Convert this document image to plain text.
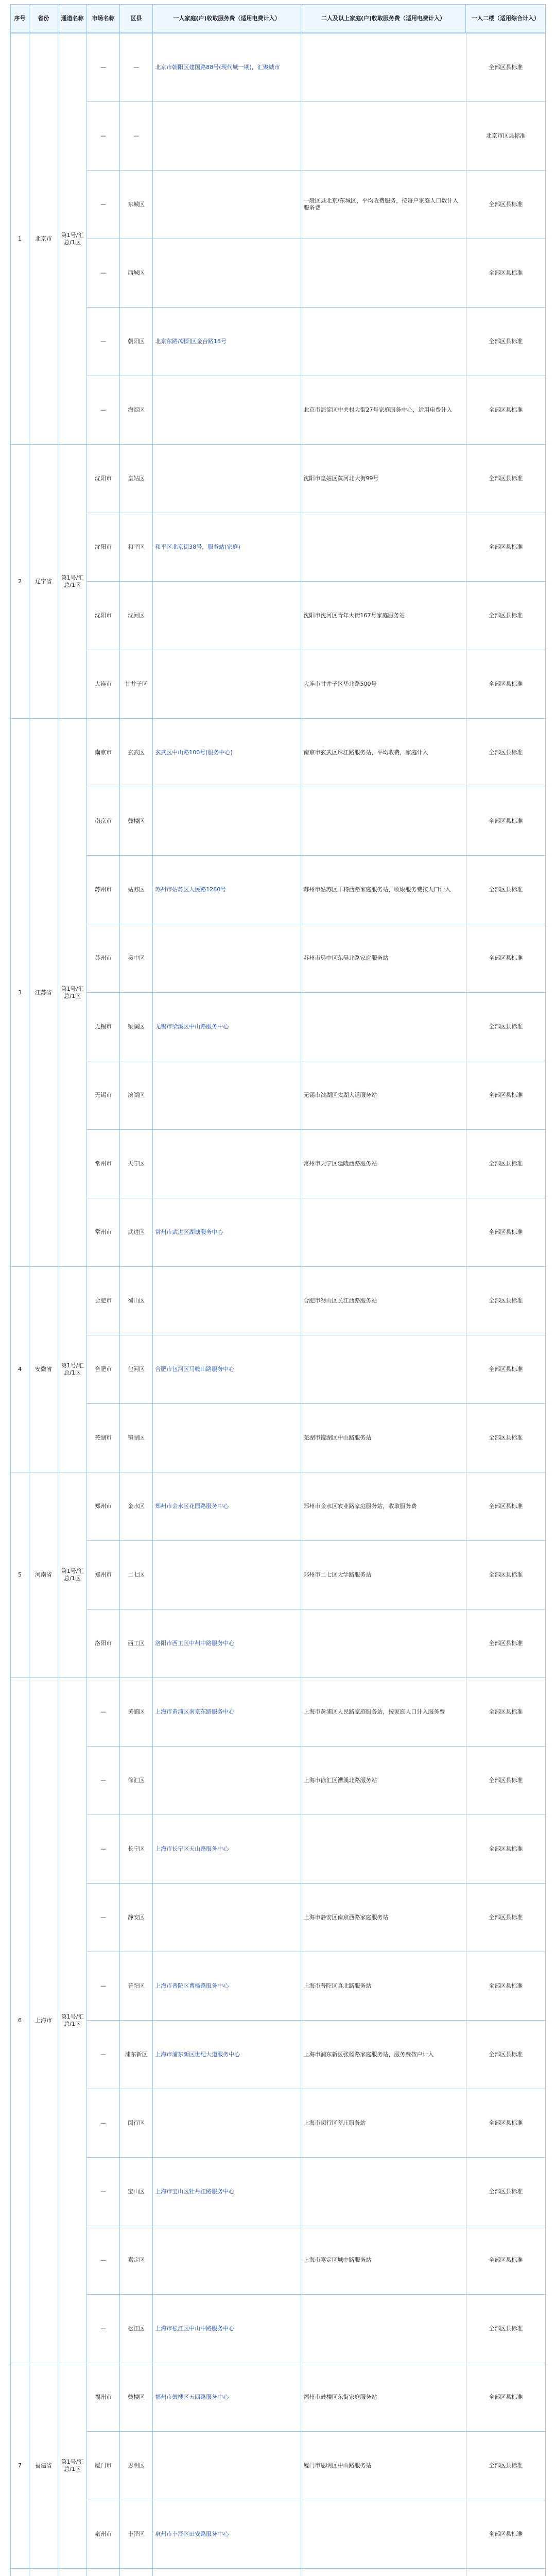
序号	省份	通道名称	市场名称	区县	一人家庭(户)收取服务费（适用电费计入）	二人及以上家庭(户)收取服务费（适用电费计入）	一人二楼（适用综合计入）
1	北京市	第1号/汇总/1区	—	—	北京市朝阳区建国路88号(现代城一期)，汇聚城市		全部区县标准
			—	—			北京市区县标准
			—	东城区		一般区县北京/东城区，平均收费服务，按每户家庭人口数计入服务费	全部区县标准
			—	西城区			全部区县标准
			—	朝阳区	北京东路/朝阳区金台路18号		全部区县标准
			—	海淀区		北京市海淀区中关村大街27号家庭服务中心，适用电费计入	全部区县标准
2	辽宁省	第1号/汇总/1区	沈阳市	皇姑区		沈阳市皇姑区黄河北大街99号	全部区县标准
			沈阳市	和平区	和平区北京街38号，服务站(家庭)		全部区县标准
			沈阳市	沈河区		沈阳市沈河区青年大街167号家庭服务站	全部区县标准
			大连市	甘井子区		大连市甘井子区华北路500号	全部区县标准
3	江苏省	第1号/汇总/1区	南京市	玄武区	玄武区中山路100号(服务中心)	南京市玄武区珠江路服务站，平均收费，家庭计入	全部区县标准
			南京市	鼓楼区			全部区县标准
			苏州市	姑苏区	苏州市姑苏区人民路1280号	苏州市姑苏区干将西路家庭服务站，收取服务费按人口计入	全部区县标准
			苏州市	吴中区		苏州市吴中区东吴北路家庭服务站	全部区县标准
			无锡市	梁溪区	无锡市梁溪区中山路服务中心		全部区县标准
			无锡市	滨湖区		无锡市滨湖区太湖大道服务站	全部区县标准
			常州市	天宁区		常州市天宁区延陵西路服务站	全部区县标准
			常州市	武进区	常州市武进区湖塘服务中心		全部区县标准
4	安徽省	第1号/汇总/1区	合肥市	蜀山区		合肥市蜀山区长江西路服务站	全部区县标准
			合肥市	包河区	合肥市包河区马鞍山路服务中心		全部区县标准
			芜湖市	镜湖区		芜湖市镜湖区中山路服务站	全部区县标准
5	河南省	第1号/汇总/1区	郑州市	金水区	郑州市金水区花园路服务中心	郑州市金水区农业路家庭服务站，收取服务费	全部区县标准
			郑州市	二七区		郑州市二七区大学路服务站	全部区县标准
			洛阳市	西工区	洛阳市西工区中州中路服务中心		全部区县标准
6	上海市	第1号/汇总/1区	—	黄浦区	上海市黄浦区南京东路服务中心	上海市黄浦区人民路家庭服务站，按家庭人口计入服务费	全部区县标准
			—	徐汇区		上海市徐汇区漕溪北路服务站	全部区县标准
			—	长宁区	上海市长宁区天山路服务中心		全部区县标准
			—	静安区		上海市静安区南京西路家庭服务站	全部区县标准
			—	普陀区	上海市普陀区曹杨路服务中心	上海市普陀区真北路服务站	全部区县标准
			—	浦东新区	上海市浦东新区世纪大道服务中心	上海市浦东新区张杨路家庭服务站，服务费按户计入	全部区县标准
			—	闵行区		上海市闵行区莘庄服务站	全部区县标准
			—	宝山区	上海市宝山区牡丹江路服务中心		全部区县标准
			—	嘉定区		上海市嘉定区城中路服务站	全部区县标准
			—	松江区	上海市松江区中山中路服务中心		全部区县标准
7	福建省	第1号/汇总/1区	福州市	鼓楼区	福州市鼓楼区五四路服务中心	福州市鼓楼区东街家庭服务站	全部区县标准
			厦门市	思明区		厦门市思明区中山路服务站	全部区县标准
			泉州市	丰泽区	泉州市丰泽区田安路服务中心		全部区县标准
